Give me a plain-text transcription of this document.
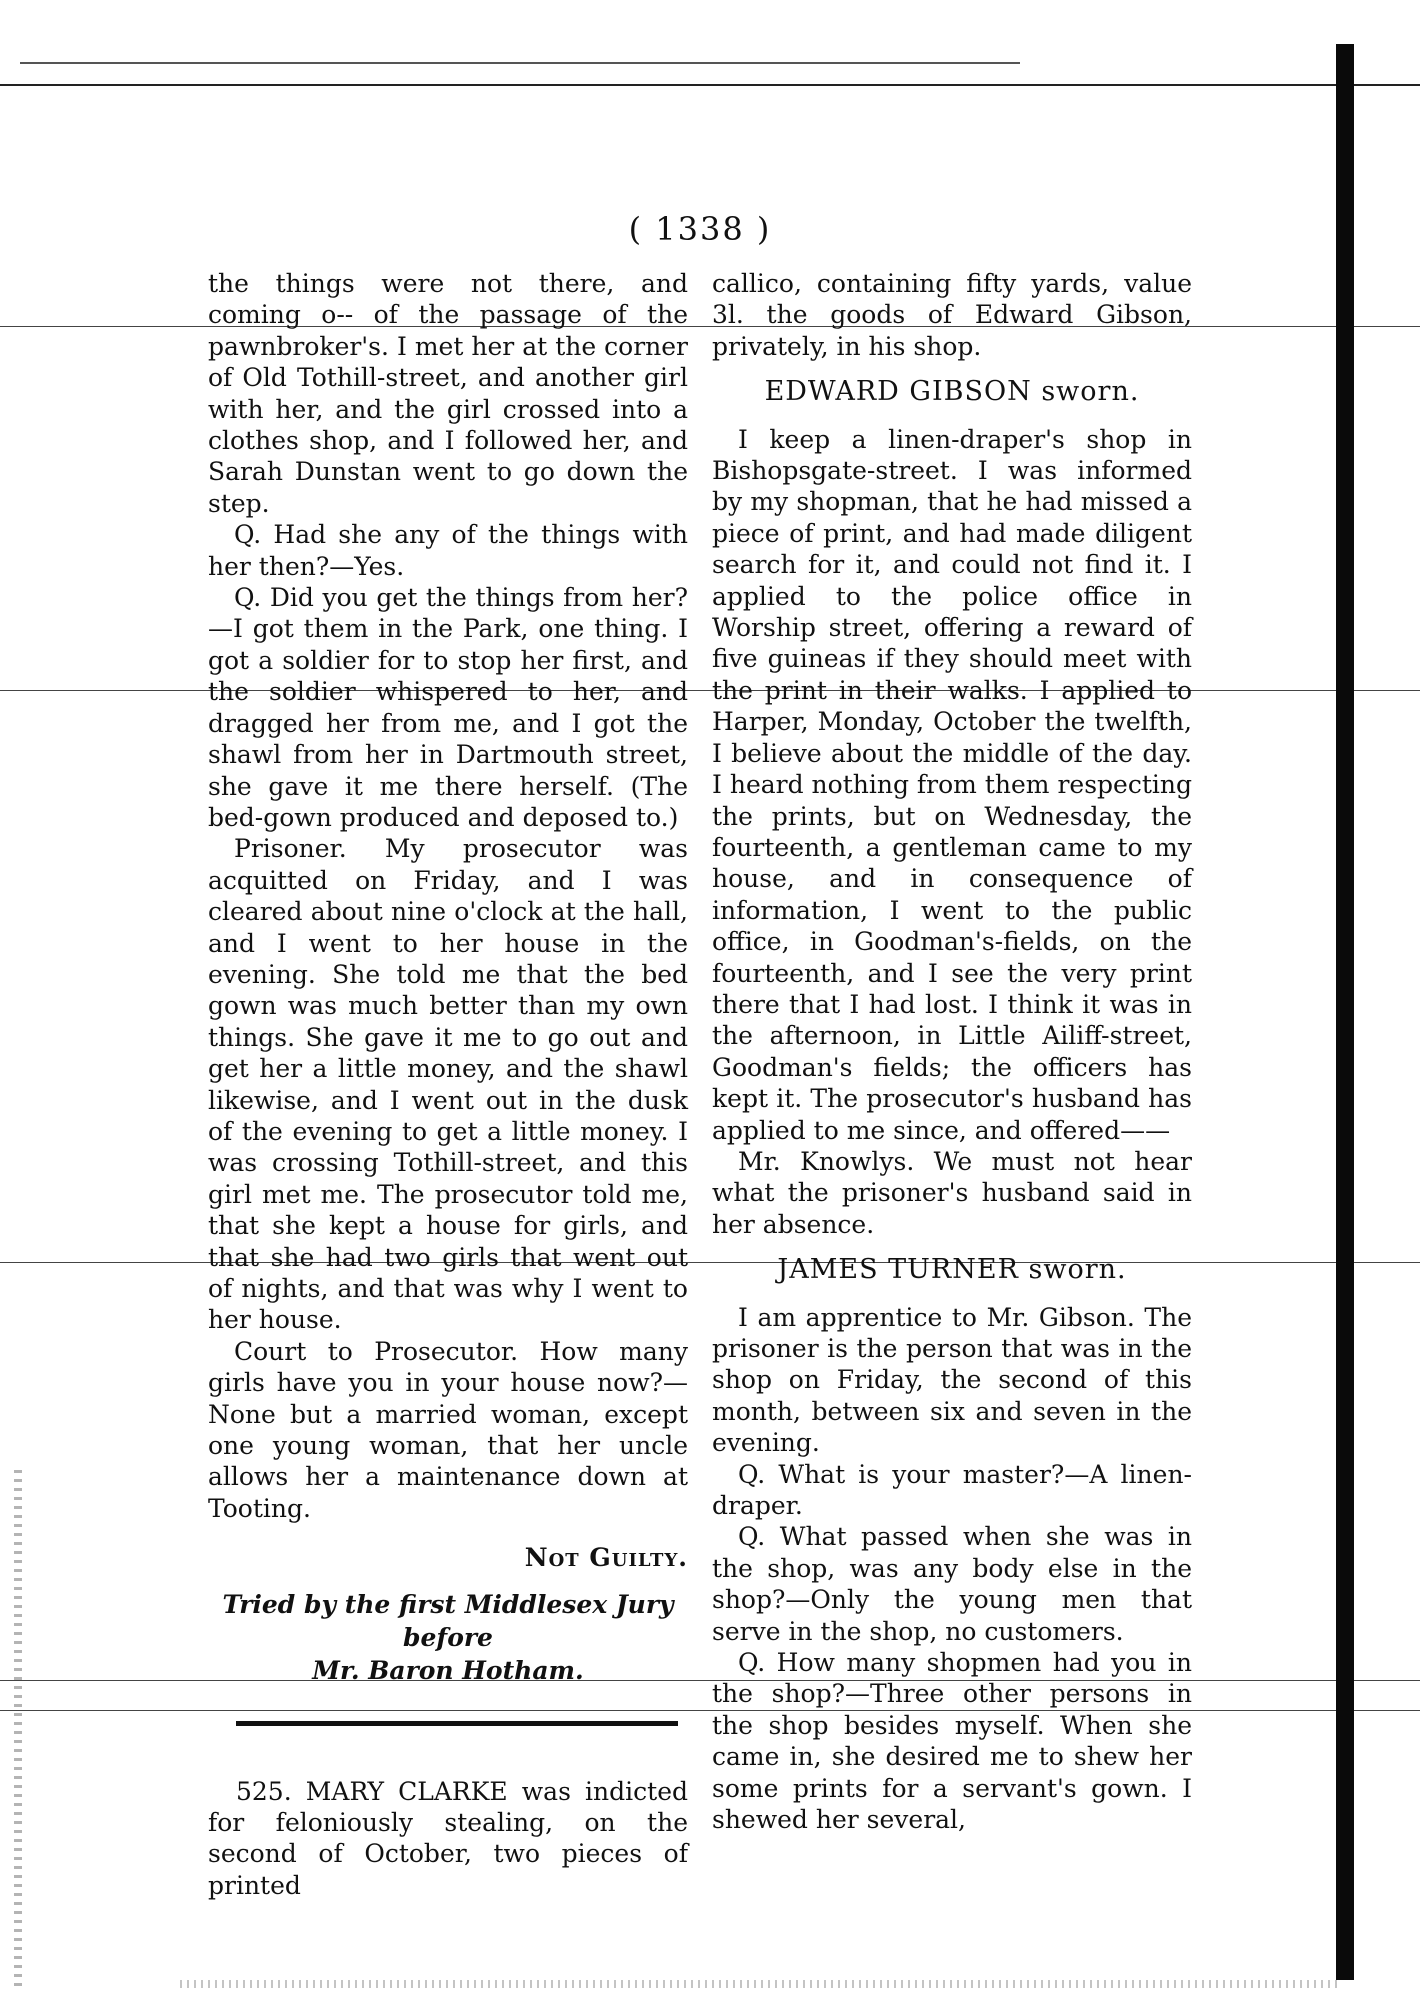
( 1338 )

the things were not there, and coming o-- of the passage of the pawnbroker's. I met her at the corner of Old Tothill-street, and another girl with her, and the girl crossed into a clothes shop, and I followed her, and Sarah Dunstan went to go down the step.

Q. Had she any of the things with her then?—Yes.

Q. Did you get the things from her?—I got them in the Park, one thing. I got a soldier for to stop her first, and the soldier whispered to her, and dragged her from me, and I got the shawl from her in Dartmouth street, she gave it me there herself. (The bed-gown produced and deposed to.)

Prisoner. My prosecutor was acquitted on Friday, and I was cleared about nine o'clock at the hall, and I went to her house in the evening. She told me that the bed gown was much better than my own things. She gave it me to go out and get her a little money, and the shawl likewise, and I went out in the dusk of the evening to get a little money. I was crossing Tothill-street, and this girl met me. The prosecutor told me, that she kept a house for girls, and that she had two girls that went out of nights, and that was why I went to her house.

Court to Prosecutor. How many girls have you in your house now?—None but a married woman, except one young woman, that her uncle allows her a maintenance down at Tooting.

Not Guilty.

Tried by the first Middlesex Jury before

Mr. Baron Hotham.

525. MARY CLARKE was indicted for feloniously stealing, on the second of October, two pieces of printed

callico, containing fifty yards, value 3l. the goods of Edward Gibson, privately, in his shop.

EDWARD GIBSON sworn.

I keep a linen-draper's shop in Bishopsgate-street. I was informed by my shopman, that he had missed a piece of print, and had made diligent search for it, and could not find it. I applied to the police office in Worship street, offering a reward of five guineas if they should meet with the print in their walks. I applied to Harper, Monday, October the twelfth, I believe about the middle of the day. I heard nothing from them respecting the prints, but on Wednesday, the fourteenth, a gentleman came to my house, and in consequence of information, I went to the public office, in Goodman's-fields, on the fourteenth, and I see the very print there that I had lost. I think it was in the afternoon, in Little Ailiff-street, Goodman's fields; the officers has kept it. The prosecutor's husband has applied to me since, and offered——

Mr. Knowlys. We must not hear what the prisoner's husband said in her absence.

JAMES TURNER sworn.

I am apprentice to Mr. Gibson. The prisoner is the person that was in the shop on Friday, the second of this month, between six and seven in the evening.

Q. What is your master?—A linen-draper.

Q. What passed when she was in the shop, was any body else in the shop?—Only the young men that serve in the shop, no customers.

Q. How many shopmen had you in the shop?—Three other persons in the shop besides myself. When she came in, she desired me to shew her some prints for a servant's gown. I shewed her several,
